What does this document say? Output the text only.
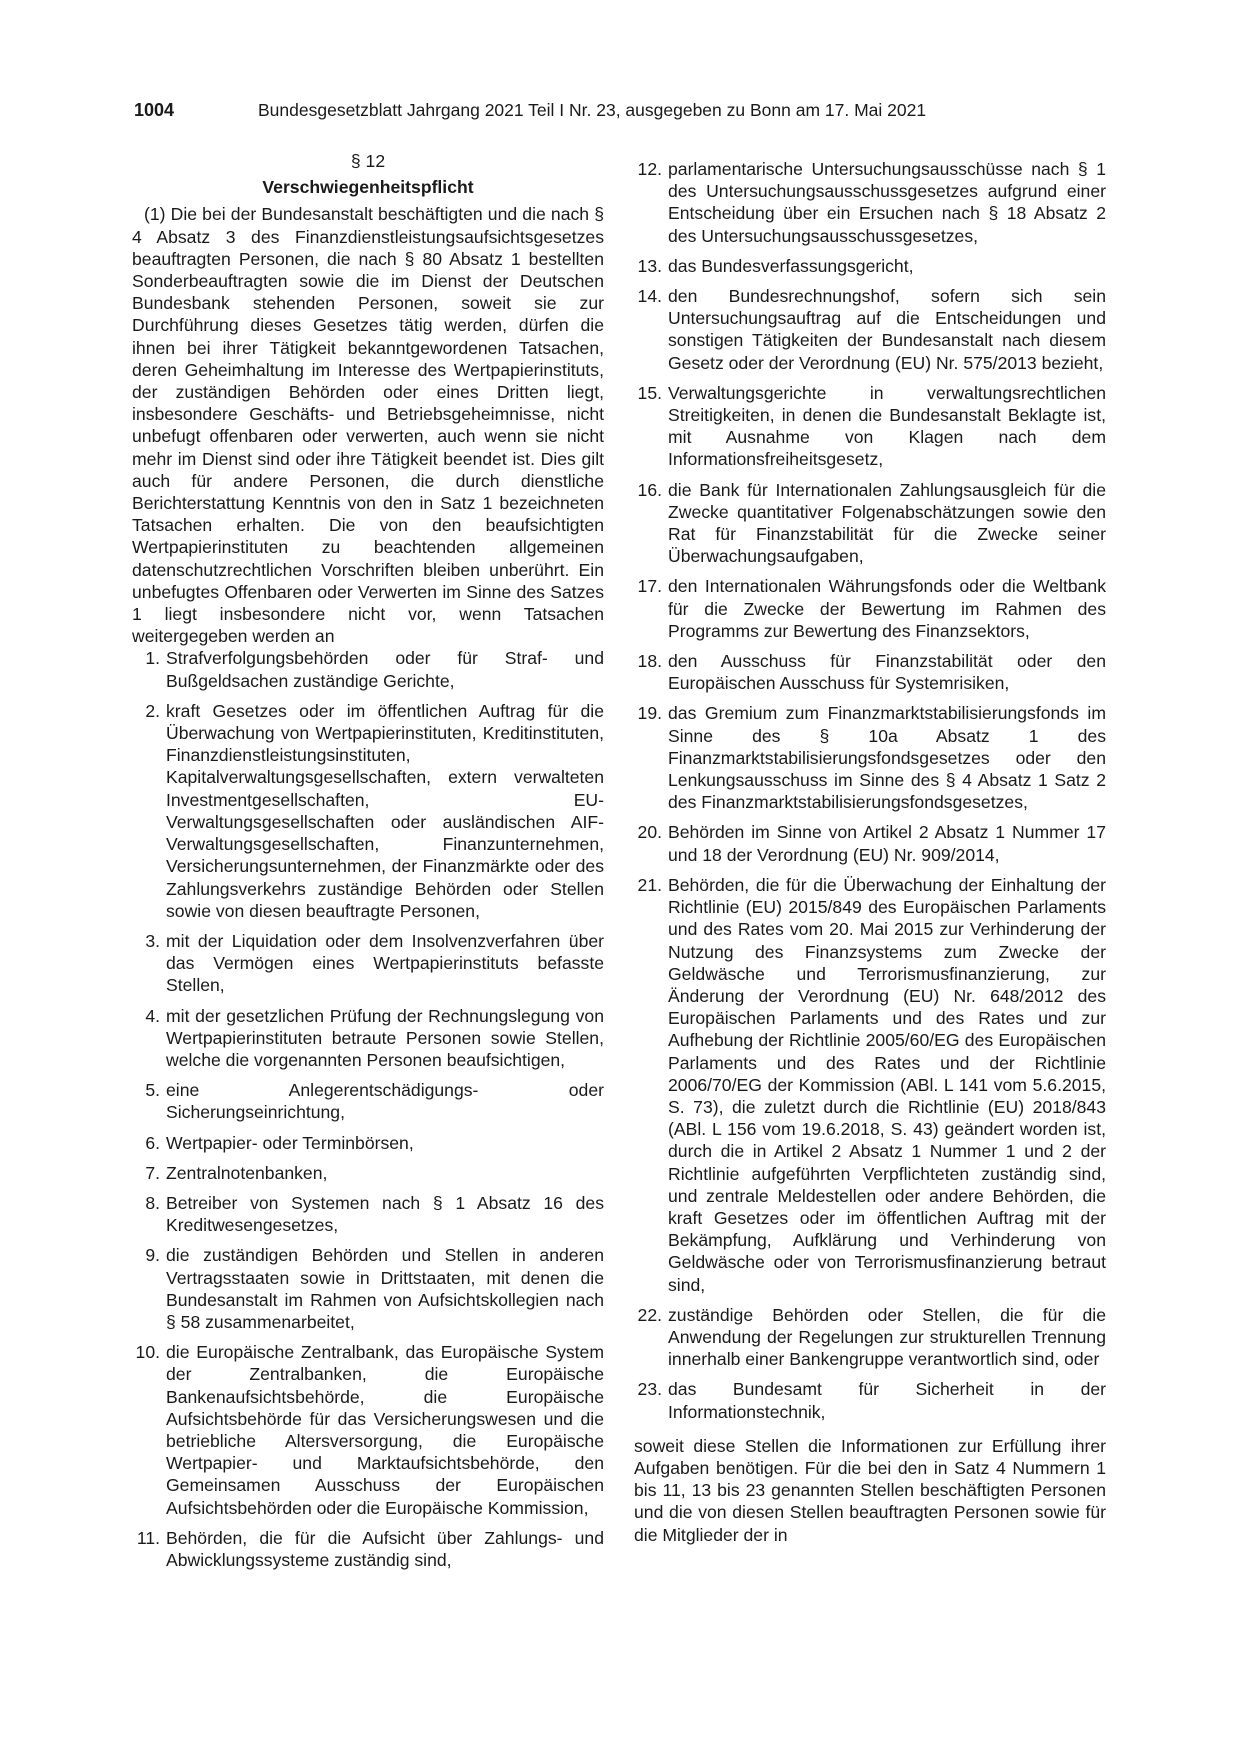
1004	Bundesgesetzblatt Jahrgang 2021 Teil I Nr. 23, ausgegeben zu Bonn am 17. Mai 2021

§ 12

Verschwiegenheitspflicht

(1) Die bei der Bundesanstalt beschäftigten und die nach § 4 Absatz 3 des Finanzdienstleistungsaufsichtsgesetzes beauftragten Personen, die nach § 80 Absatz 1 bestellten Sonderbeauftragten sowie die im Dienst der Deutschen Bundesbank stehenden Personen, soweit sie zur Durchführung dieses Gesetzes tätig werden, dürfen die ihnen bei ihrer Tätigkeit bekanntgewordenen Tatsachen, deren Geheimhaltung im Interesse des Wertpapierinstituts, der zuständigen Behörden oder eines Dritten liegt, insbesondere Geschäfts- und Betriebsgeheimnisse, nicht unbefugt offenbaren oder verwerten, auch wenn sie nicht mehr im Dienst sind oder ihre Tätigkeit beendet ist. Dies gilt auch für andere Personen, die durch dienstliche Berichterstattung Kenntnis von den in Satz 1 bezeichneten Tatsachen erhalten. Die von den beaufsichtigten Wertpapierinstituten zu beachtenden allgemeinen datenschutzrechtlichen Vorschriften bleiben unberührt. Ein unbefugtes Offenbaren oder Verwerten im Sinne des Satzes 1 liegt insbesondere nicht vor, wenn Tatsachen weitergegeben werden an

1. Strafverfolgungsbehörden oder für Straf- und Bußgeldsachen zuständige Gerichte,
2. kraft Gesetzes oder im öffentlichen Auftrag für die Überwachung von Wertpapierinstituten, Kreditinstituten, Finanzdienstleistungsinstituten, Kapitalverwaltungsgesellschaften, extern verwalteten Investmentgesellschaften, EU-Verwaltungsgesellschaften oder ausländischen AIF-Verwaltungsgesellschaften, Finanzunternehmen, Versicherungsunternehmen, der Finanzmärkte oder des Zahlungsverkehrs zuständige Behörden oder Stellen sowie von diesen beauftragte Personen,
3. mit der Liquidation oder dem Insolvenzverfahren über das Vermögen eines Wertpapierinstituts befasste Stellen,
4. mit der gesetzlichen Prüfung der Rechnungslegung von Wertpapierinstituten betraute Personen sowie Stellen, welche die vorgenannten Personen beaufsichtigen,
5. eine Anlegerentschädigungs- oder Sicherungseinrichtung,
6. Wertpapier- oder Terminbörsen,
7. Zentralnotenbanken,
8. Betreiber von Systemen nach § 1 Absatz 16 des Kreditwesengesetzes,
9. die zuständigen Behörden und Stellen in anderen Vertragsstaaten sowie in Drittstaaten, mit denen die Bundesanstalt im Rahmen von Aufsichtskollegien nach § 58 zusammenarbeitet,
10. die Europäische Zentralbank, das Europäische System der Zentralbanken, die Europäische Bankenaufsichtsbehörde, die Europäische Aufsichtsbehörde für das Versicherungswesen und die betriebliche Altersversorgung, die Europäische Wertpapier- und Marktaufsichtsbehörde, den Gemeinsamen Ausschuss der Europäischen Aufsichtsbehörden oder die Europäische Kommission,
11. Behörden, die für die Aufsicht über Zahlungs- und Abwicklungssysteme zuständig sind,
12. parlamentarische Untersuchungsausschüsse nach § 1 des Untersuchungsausschussgesetzes aufgrund einer Entscheidung über ein Ersuchen nach § 18 Absatz 2 des Untersuchungsausschussgesetzes,
13. das Bundesverfassungsgericht,
14. den Bundesrechnungshof, sofern sich sein Untersuchungsauftrag auf die Entscheidungen und sonstigen Tätigkeiten der Bundesanstalt nach diesem Gesetz oder der Verordnung (EU) Nr. 575/2013 bezieht,
15. Verwaltungsgerichte in verwaltungsrechtlichen Streitigkeiten, in denen die Bundesanstalt Beklagte ist, mit Ausnahme von Klagen nach dem Informationsfreiheitsgesetz,
16. die Bank für Internationalen Zahlungsausgleich für die Zwecke quantitativer Folgenabschätzungen sowie den Rat für Finanzstabilität für die Zwecke seiner Überwachungsaufgaben,
17. den Internationalen Währungsfonds oder die Weltbank für die Zwecke der Bewertung im Rahmen des Programms zur Bewertung des Finanzsektors,
18. den Ausschuss für Finanzstabilität oder den Europäischen Ausschuss für Systemrisiken,
19. das Gremium zum Finanzmarktstabilisierungsfonds im Sinne des § 10a Absatz 1 des Finanzmarktstabilisierungsfondsgesetzes oder den Lenkungsausschuss im Sinne des § 4 Absatz 1 Satz 2 des Finanzmarktstabilisierungsfondsgesetzes,
20. Behörden im Sinne von Artikel 2 Absatz 1 Nummer 17 und 18 der Verordnung (EU) Nr. 909/2014,
21. Behörden, die für die Überwachung der Einhaltung der Richtlinie (EU) 2015/849 des Europäischen Parlaments und des Rates vom 20. Mai 2015 zur Verhinderung der Nutzung des Finanzsystems zum Zwecke der Geldwäsche und Terrorismusfinanzierung, zur Änderung der Verordnung (EU) Nr. 648/2012 des Europäischen Parlaments und des Rates und zur Aufhebung der Richtlinie 2005/60/EG des Europäischen Parlaments und des Rates und der Richtlinie 2006/70/EG der Kommission (ABl. L 141 vom 5.6.2015, S. 73), die zuletzt durch die Richtlinie (EU) 2018/843 (ABl. L 156 vom 19.6.2018, S. 43) geändert worden ist, durch die in Artikel 2 Absatz 1 Nummer 1 und 2 der Richtlinie aufgeführten Verpflichteten zuständig sind, und zentrale Meldestellen oder andere Behörden, die kraft Gesetzes oder im öffentlichen Auftrag mit der Bekämpfung, Aufklärung und Verhinderung von Geldwäsche oder von Terrorismusfinanzierung betraut sind,
22. zuständige Behörden oder Stellen, die für die Anwendung der Regelungen zur strukturellen Trennung innerhalb einer Bankengruppe verantwortlich sind, oder
23. das Bundesamt für Sicherheit in der Informationstechnik,

soweit diese Stellen die Informationen zur Erfüllung ihrer Aufgaben benötigen. Für die bei den in Satz 4 Nummern 1 bis 11, 13 bis 23 genannten Stellen beschäftigten Personen und die von diesen Stellen beauftragten Personen sowie für die Mitglieder der in
